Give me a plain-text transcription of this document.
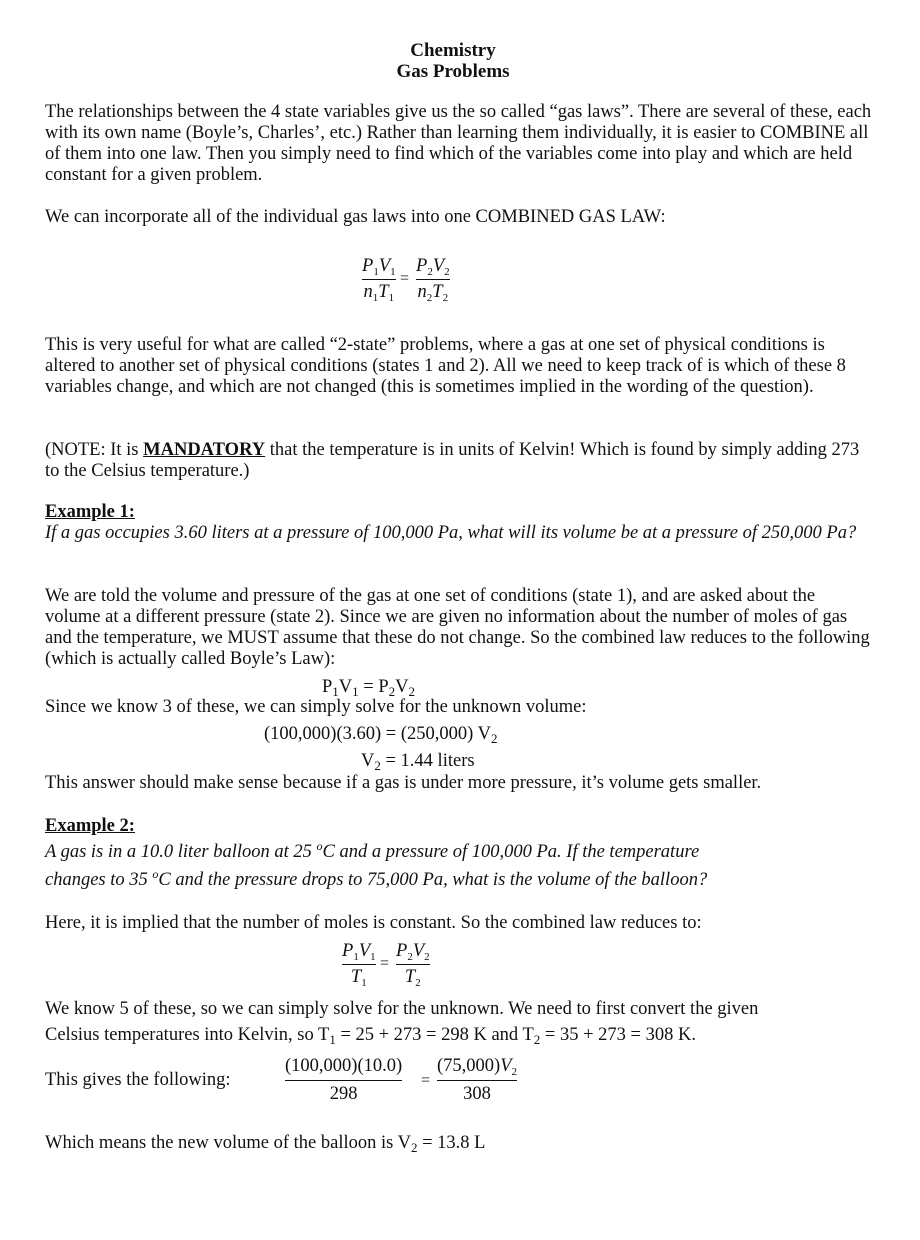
Chemistry
Gas Problems
The relationships between the 4 state variables give us the so called “gas laws”. There are several of these, each with its own name (Boyle’s, Charles’, etc.) Rather than learning them individually, it is easier to COMBINE all of them into one law. Then you simply need to find which of the variables come into play and which are held constant for a given problem.
We can incorporate all of the individual gas laws into one COMBINED GAS LAW:
$P_1V_1$
$n_1T_1$
=
$P_2V_2$
$n_2T_2$
This is very useful for what are called “2-state” problems, where a gas at one set of physical conditions is altered to another set of physical conditions (states 1 and 2). All we need to keep track of is which of these 8 variables change, and which are not changed (this is sometimes implied in the wording of the question).
(NOTE: It is MANDATORY that the temperature is in units of Kelvin! Which is found by simply adding 273 to the Celsius temperature.)
Example 1:
If a gas occupies 3.60 liters at a pressure of 100,000 Pa, what will its volume be at a pressure of 250,000 Pa?
We are told the volume and pressure of the gas at one set of conditions (state 1), and are asked about the volume at a different pressure (state 2). Since we are given no information about the number of moles of gas and the temperature, we MUST assume that these do not change. So the combined law reduces to the following (which is actually called Boyle’s Law):
$P_1V_1 = P_2V_2$
Since we know 3 of these, we can simply solve for the unknown volume:
(100,000)(3.60) = (250,000) $V_2$
$V_2 = 1.44$ liters
This answer should make sense because if a gas is under more pressure, it’s volume gets smaller.
Example 2:
A gas is in a 10.0 liter balloon at 25 $^o$C and a pressure of 100,000 Pa. If the temperature
changes to 35 $^o$C and the pressure drops to 75,000 Pa, what is the volume of the balloon?
Here, it is implied that the number of moles is constant. So the combined law reduces to:
$P_1V_1$
$T_1$
=
$P_2V_2$
$T_2$
We know 5 of these, so we can simply solve for the unknown. We need to first convert the given
Celsius temperatures into Kelvin, so $T_1 = 25 + 273 = 298$ K and $T_2 = 35 + 273 = 308$ K.
This gives the following:
(100,000)(10.0)
298
=
$(75,000)V_2$
308
Which means the new volume of the balloon is $V_2 = 13.8$ L
